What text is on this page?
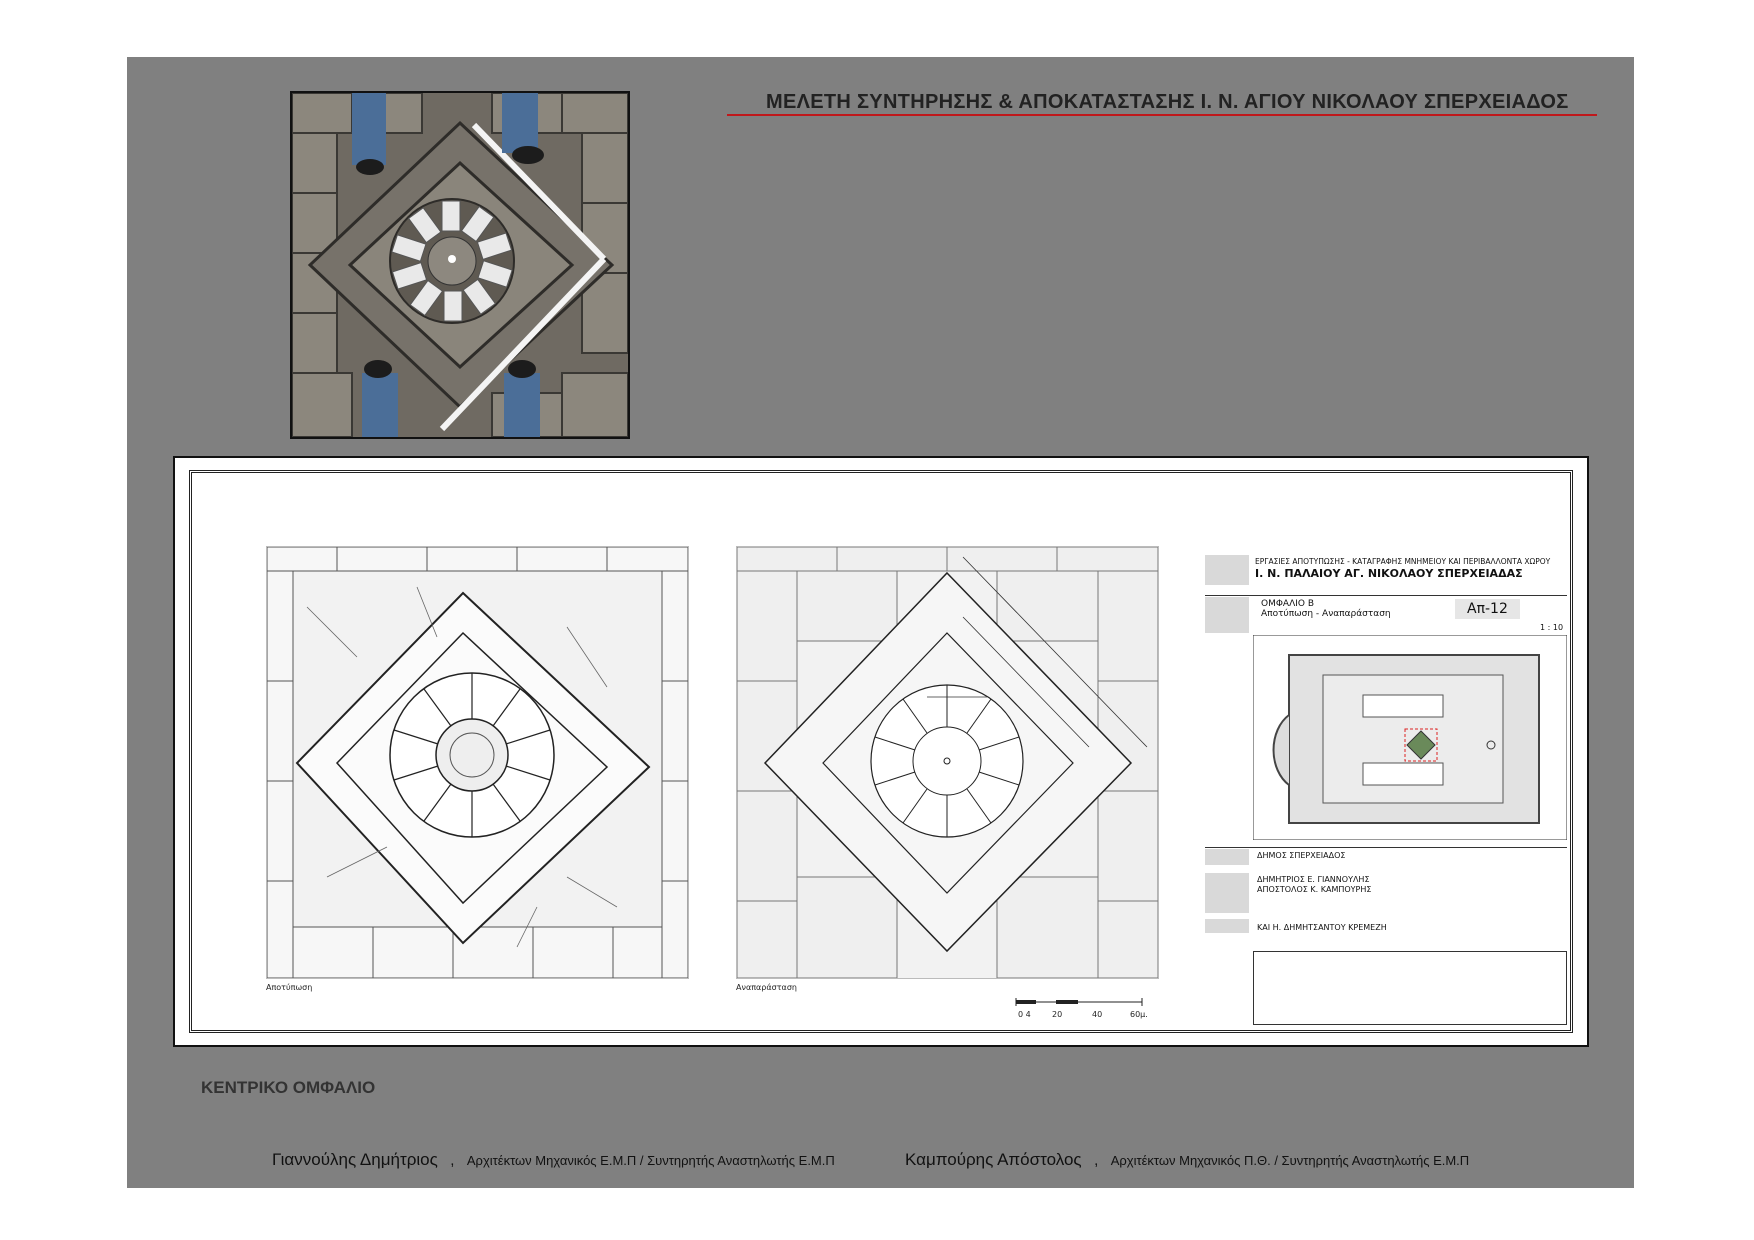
ΜΕΛΕΤΗ ΣΥΝΤΗΡΗΣΗΣ & ΑΠΟΚΑΤΑΣΤΑΣΗΣ Ι. Ν. ΑΓΙΟΥ ΝΙΚΟΛΑΟΥ ΣΠΕΡΧΕΙΑΔΟΣ
Αποτύπωση	Αναπαράσταση
0 4	20	40	60μ.
ΕΡΓΑΣΙΕΣ ΑΠΟΤΥΠΩΣΗΣ - ΚΑΤΑΓΡΑΦΗΣ ΜΝΗΜΕΙΟΥ ΚΑΙ ΠΕΡΙΒΑΛΛΟΝΤΑ ΧΩΡΟΥ
Ι. Ν. ΠΑΛΑΙΟΥ ΑΓ. ΝΙΚΟΛΑΟΥ ΣΠΕΡΧΕΙΑΔΑΣ
ΟΜΦΑΛΙΟ Β
Αποτύπωση - Αναπαράσταση	Απ-12
1 : 10
ΔΗΜΟΣ ΣΠΕΡΧΕΙΑΔΟΣ
ΔΗΜΗΤΡΙΟΣ Ε. ΓΙΑΝΝΟΥΛΗΣ
ΑΠΟΣΤΟΛΟΣ Κ. ΚΑΜΠΟΥΡΗΣ
ΚΑΙ Η. ΔΗΜΗΤΣΑΝΤΟΥ ΚΡΕΜΕΖΗ
ΚΕΝΤΡΙΚΟ ΟΜΦΑΛΙΟ
Γιαννούλης Δημήτριος , Αρχιτέκτων Μηχανικός Ε.Μ.Π / Συντηρητής Αναστηλωτής Ε.Μ.Π	Καμπούρης Απόστολος , Αρχιτέκτων Μηχανικός Π.Θ. / Συντηρητής Αναστηλωτής Ε.Μ.Π
